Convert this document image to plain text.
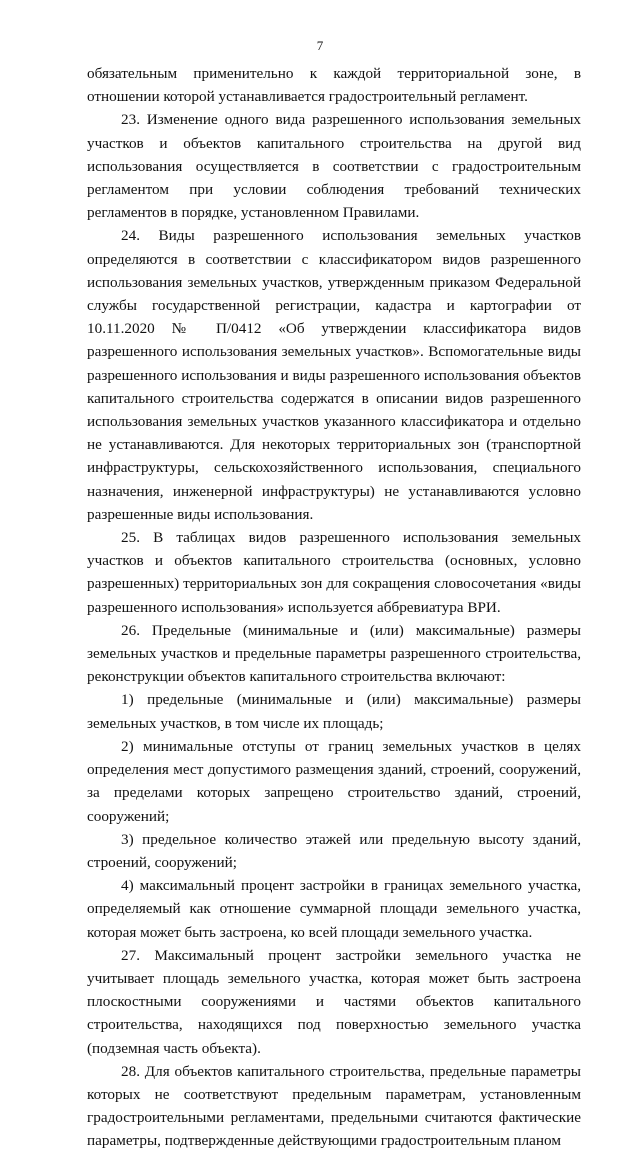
7

обязательным применительно к каждой территориальной зоне, в отношении которой устанавливается градостроительный регламент.

23. Изменение одного вида разрешенного использования земельных участков и объектов капитального строительства на другой вид использования осуществляется в соответствии с градостроительным регламентом при условии соблюдения требований технических регламентов в порядке, установленном Правилами.

24. Виды разрешенного использования земельных участков определяются в соответствии с классификатором видов разрешенного использования земельных участков, утвержденным приказом Федеральной службы государственной регистрации, кадастра и картографии от 10.11.2020 № П/0412 «Об утверждении классификатора видов разрешенного использования земельных участков». Вспомогательные виды разрешенного использования и виды разрешенного использования объектов капитального строительства содержатся в описании видов разрешенного использования земельных участков указанного классификатора и отдельно не устанавливаются. Для некоторых территориальных зон (транспортной инфраструктуры, сельскохозяйственного использования, специального назначения, инженерной инфраструктуры) не устанавливаются условно разрешенные виды использования.

25. В таблицах видов разрешенного использования земельных участков и объектов капитального строительства (основных, условно разрешенных) территориальных зон для сокращения словосочетания «виды разрешенного использования» используется аббревиатура ВРИ.

26. Предельные (минимальные и (или) максимальные) размеры земельных участков и предельные параметры разрешенного строительства, реконструкции объектов капитального строительства включают:

1) предельные (минимальные и (или) максимальные) размеры земельных участков, в том числе их площадь;

2) минимальные отступы от границ земельных участков в целях определения мест допустимого размещения зданий, строений, сооружений, за пределами которых запрещено строительство зданий, строений, сооружений;

3) предельное количество этажей или предельную высоту зданий, строений, сооружений;

4) максимальный процент застройки в границах земельного участка, определяемый как отношение суммарной площади земельного участка, которая может быть застроена, ко всей площади земельного участка.

27. Максимальный процент застройки земельного участка не учитывает площадь земельного участка, которая может быть застроена плоскостными сооружениями и частями объектов капитального строительства, находящихся под поверхностью земельного участка (подземная часть объекта).

28. Для объектов капитального строительства, предельные параметры которых не соответствуют предельным параметрам, установленным градостроительными регламентами, предельными считаются фактические параметры, подтвержденные действующими градостроительным планом
